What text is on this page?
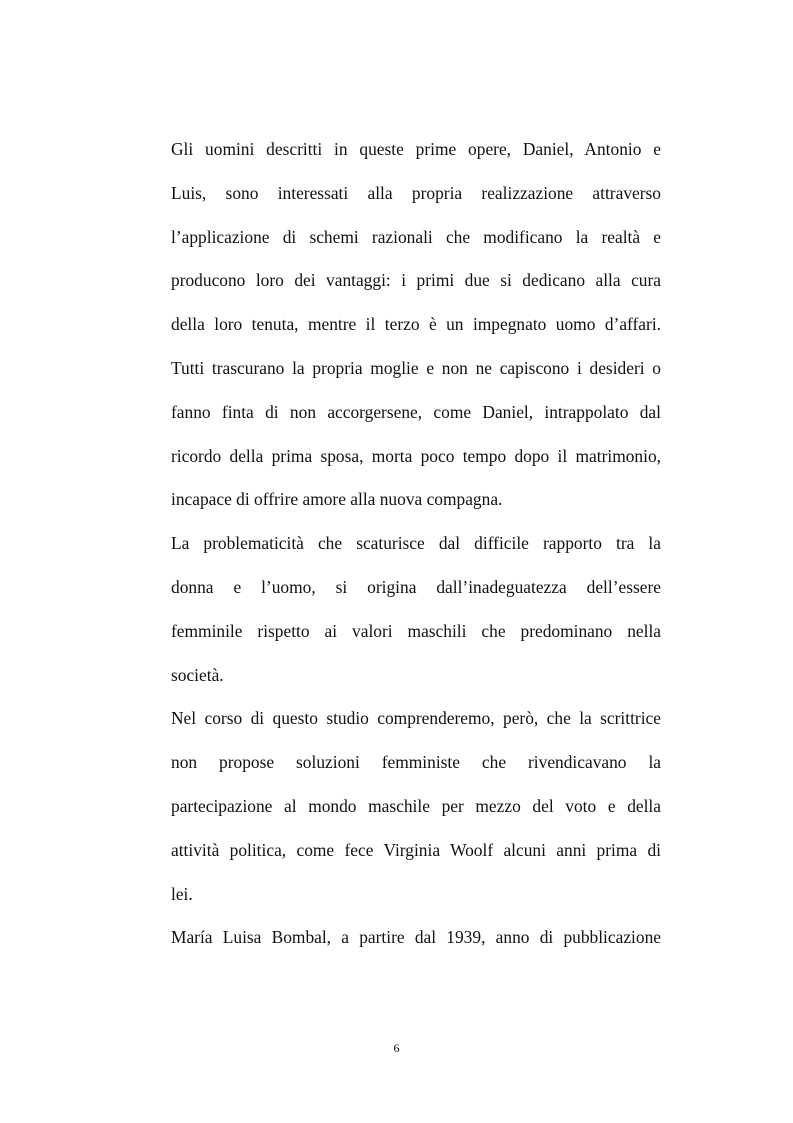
Gli uomini descritti in queste prime opere, Daniel, Antonio e
Luis, sono interessati alla propria realizzazione attraverso
l’applicazione di schemi razionali che modificano la realtà e
producono loro dei vantaggi: i primi due si dedicano alla cura
della loro tenuta, mentre il terzo è un impegnato uomo d’affari.
Tutti trascurano la propria moglie e non ne capiscono i desideri o
fanno finta di non accorgersene, come Daniel, intrappolato dal
ricordo della prima sposa, morta poco tempo dopo il matrimonio,
incapace di offrire amore alla nuova compagna.
La problematicità che scaturisce dal difficile rapporto tra la
donna e l’uomo, si origina dall’inadeguatezza dell’essere
femminile rispetto ai valori maschili che predominano nella
società.
Nel corso di questo studio comprenderemo, però, che la scrittrice
non propose soluzioni femministe che rivendicavano la
partecipazione al mondo maschile per mezzo del voto e della
attività politica, come fece Virginia Woolf alcuni anni prima di
lei.
María Luisa Bombal, a partire dal 1939, anno di pubblicazione
6
